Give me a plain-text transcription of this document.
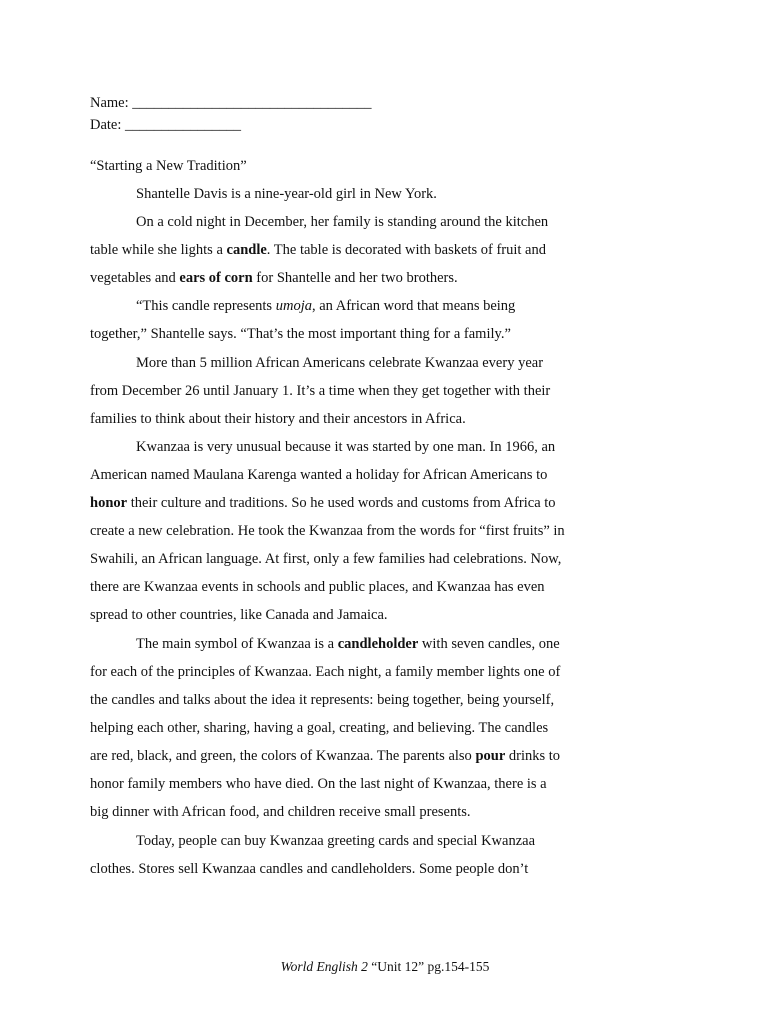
Name: _________________________________
Date: ________________
“Starting a New Tradition”
Shantelle Davis is a nine-year-old girl in New York.
On a cold night in December, her family is standing around the kitchen
table while she lights a candle. The table is decorated with baskets of fruit and
vegetables and ears of corn for Shantelle and her two brothers.
“This candle represents umoja, an African word that means being
together,” Shantelle says. “That’s the most important thing for a family.”
More than 5 million African Americans celebrate Kwanzaa every year
from December 26 until January 1. It’s a time when they get together with their
families to think about their history and their ancestors in Africa.
Kwanzaa is very unusual because it was started by one man. In 1966, an
American named Maulana Karenga wanted a holiday for African Americans to
honor their culture and traditions. So he used words and customs from Africa to
create a new celebration. He took the Kwanzaa from the words for “first fruits” in
Swahili, an African language. At first, only a few families had celebrations. Now,
there are Kwanzaa events in schools and public places, and Kwanzaa has even
spread to other countries, like Canada and Jamaica.
The main symbol of Kwanzaa is a candleholder with seven candles, one
for each of the principles of Kwanzaa. Each night, a family member lights one of
the candles and talks about the idea it represents: being together, being yourself,
helping each other, sharing, having a goal, creating, and believing. The candles
are red, black, and green, the colors of Kwanzaa. The parents also pour drinks to
honor family members who have died. On the last night of Kwanzaa, there is a
big dinner with African food, and children receive small presents.
Today, people can buy Kwanzaa greeting cards and special Kwanzaa
clothes. Stores sell Kwanzaa candles and candleholders. Some people don’t
World English 2 “Unit 12” pg.154-155
